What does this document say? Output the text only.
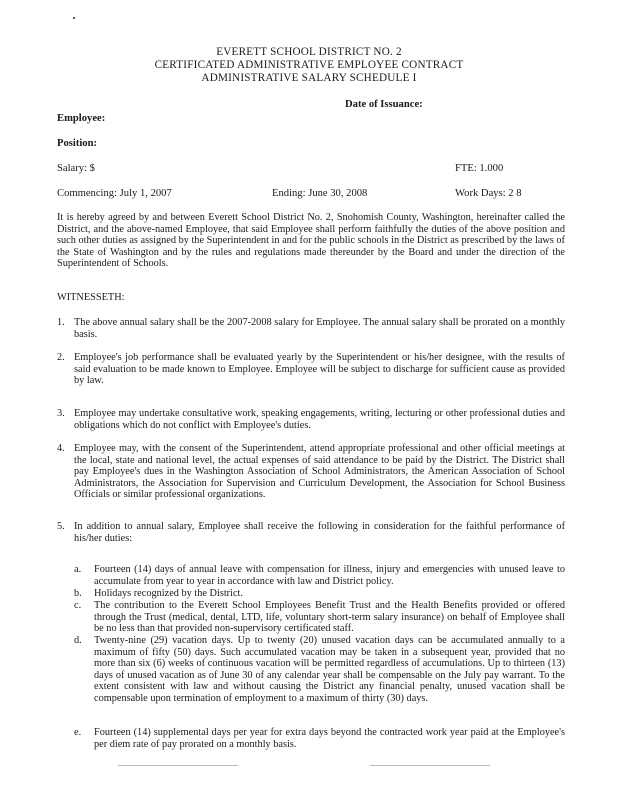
EVERETT SCHOOL DISTRICT NO. 2
CERTIFICATED ADMINISTRATIVE EMPLOYEE CONTRACT
ADMINISTRATIVE SALARY SCHEDULE I
Date of Issuance:
Employee:
Position:
Salary: $	FTE: 1.000
Commencing: July 1, 2007	Ending: June 30, 2008	Work Days: 2 8
It is hereby agreed by and between Everett School District No. 2, Snohomish County, Washington, hereinafter called the District, and the above-named Employee, that said Employee shall perform faithfully the duties of the above position and such other duties as assigned by the Superintendent in and for the public schools in the District as prescribed by the laws of the State of Washington and by the rules and regulations made thereunder by the Board and under the direction of the Superintendent of Schools.
WITNESSETH:
1. The above annual salary shall be the 2007-2008 salary for Employee. The annual salary shall be prorated on a monthly basis.
2. Employee's job performance shall be evaluated yearly by the Superintendent or his/her designee, with the results of said evaluation to be made known to Employee. Employee will be subject to discharge for sufficient cause as provided by law.
3. Employee may undertake consultative work, speaking engagements, writing, lecturing or other professional duties and obligations which do not conflict with Employee's duties.
4. Employee may, with the consent of the Superintendent, attend appropriate professional and other official meetings at the local, state and national level, the actual expenses of said attendance to be paid by the District. The District shall pay Employee's dues in the Washington Association of School Administrators, the American Association of School Administrators, the Association for Supervision and Curriculum Development, the Association for School Business Officials or similar professional organizations.
5. In addition to annual salary, Employee shall receive the following in consideration for the faithful performance of his/her duties:
a.	Fourteen (14) days of annual leave with compensation for illness, injury and emergencies with unused leave to accumulate from year to year in accordance with law and District policy.
b.	Holidays recognized by the District.
c.	The contribution to the Everett School Employees Benefit Trust and the Health Benefits provided or offered through the Trust (medical, dental, LTD, life, voluntary short-term salary insurance) on behalf of Employee shall be no less than that provided non-supervisory certificated staff.
d.	Twenty-nine (29) vacation days. Up to twenty (20) unused vacation days can be accumulated annually to a maximum of fifty (50) days. Such accumulated vacation may be taken in a subsequent year, provided that no more than six (6) weeks of continuous vacation will be permitted regardless of accumulations. Up to thirteen (13) days of unused vacation as of June 30 of any calendar year shall be compensable on the July pay warrant. To the extent consistent with law and without causing the District any financial penalty, unused vacation shall be compensable upon termination of employment to a maximum of thirty (30) days.
e.	Fourteen (14) supplemental days per year for extra days beyond the contracted work year paid at the Employee's per diem rate of pay prorated on a monthly basis.
